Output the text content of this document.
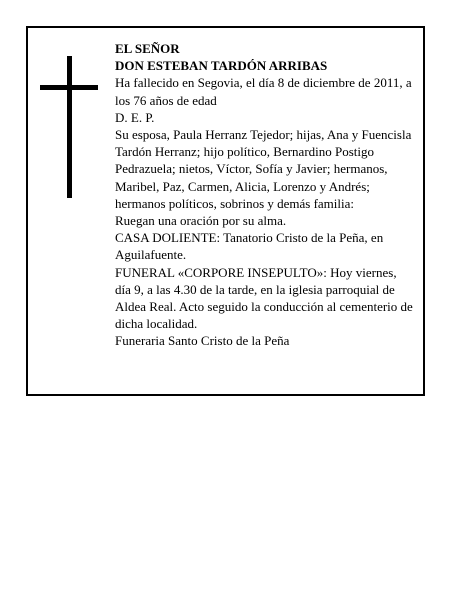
EL SEÑOR

DON ESTEBAN TARDÓN ARRIBAS

Ha fallecido en Segovia, el día 8 de diciembre de 2011, a los 76 años de edad

D. E. P.

Su esposa, Paula Herranz Tejedor; hijas, Ana y Fuencisla Tardón Herranz; hijo político, Bernardino Postigo Pedrazuela; nietos, Víctor, Sofía y Javier; hermanos, Maribel, Paz, Carmen, Alicia, Lorenzo y Andrés; hermanos políticos, sobrinos y demás familia:

Ruegan una oración por su alma.

CASA DOLIENTE: Tanatorio Cristo de la Peña, en Aguilafuente.

FUNERAL «CORPORE INSEPULTO»: Hoy viernes, día 9, a las 4.30 de la tarde, en la iglesia parroquial de Aldea Real. Acto seguido la conducción al cementerio de dicha localidad.

Funeraria Santo Cristo de la Peña
